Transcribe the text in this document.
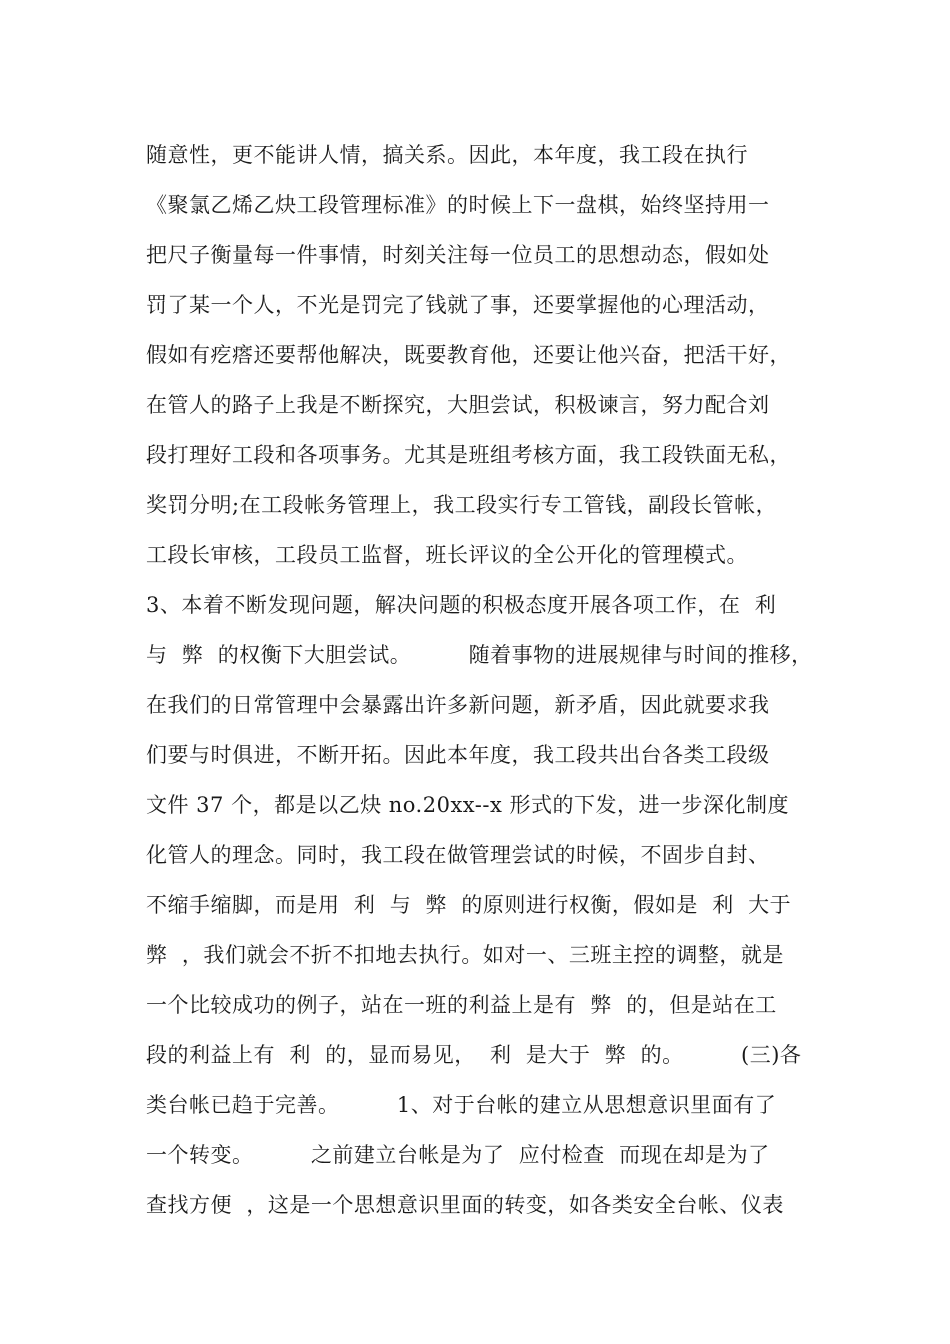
随意性，更不能讲人情，搞关系。因此，本年度，我工段在执行
《聚氯乙烯乙炔工段管理标准》的时候上下一盘棋，始终坚持用一
把尺子衡量每一件事情，时刻关注每一位员工的思想动态，假如处
罚了某一个人，不光是罚完了钱就了事，还要掌握他的心理活动，
假如有疙瘩还要帮他解决，既要教育他，还要让他兴奋，把活干好，
在管人的路子上我是不断探究，大胆尝试，积极谏言，努力配合刘
段打理好工段和各项事务。尤其是班组考核方面，我工段铁面无私，
奖罚分明;在工段帐务管理上，我工段实行专工管钱，副段长管帐，
工段长审核，工段员工监督，班长评议的全公开化的管理模式。
3、本着不断发现问题，解决问题的积极态度开展各项工作，在  利
与  弊  的权衡下大胆尝试。        随着事物的进展规律与时间的推移，
在我们的日常管理中会暴露出许多新问题，新矛盾，因此就要求我
们要与时俱进，不断开拓。因此本年度，我工段共出台各类工段级
文件 37 个，都是以乙炔 no.20xx--x 形式的下发，进一步深化制度
化管人的理念。同时，我工段在做管理尝试的时候，不固步自封、
不缩手缩脚，而是用  利  与  弊  的原则进行权衡，假如是  利  大于
弊  ，我们就会不折不扣地去执行。如对一、三班主控的调整，就是
一个比较成功的例子，站在一班的利益上是有  弊  的，但是站在工
段的利益上有  利  的，显而易见，  利  是大于  弊  的。        (三)各
类台帐已趋于完善。        1、对于台帐的建立从思想意识里面有了
一个转变。        之前建立台帐是为了  应付检查  而现在却是为了
查找方便  ，这是一个思想意识里面的转变，如各类安全台帐、仪表
